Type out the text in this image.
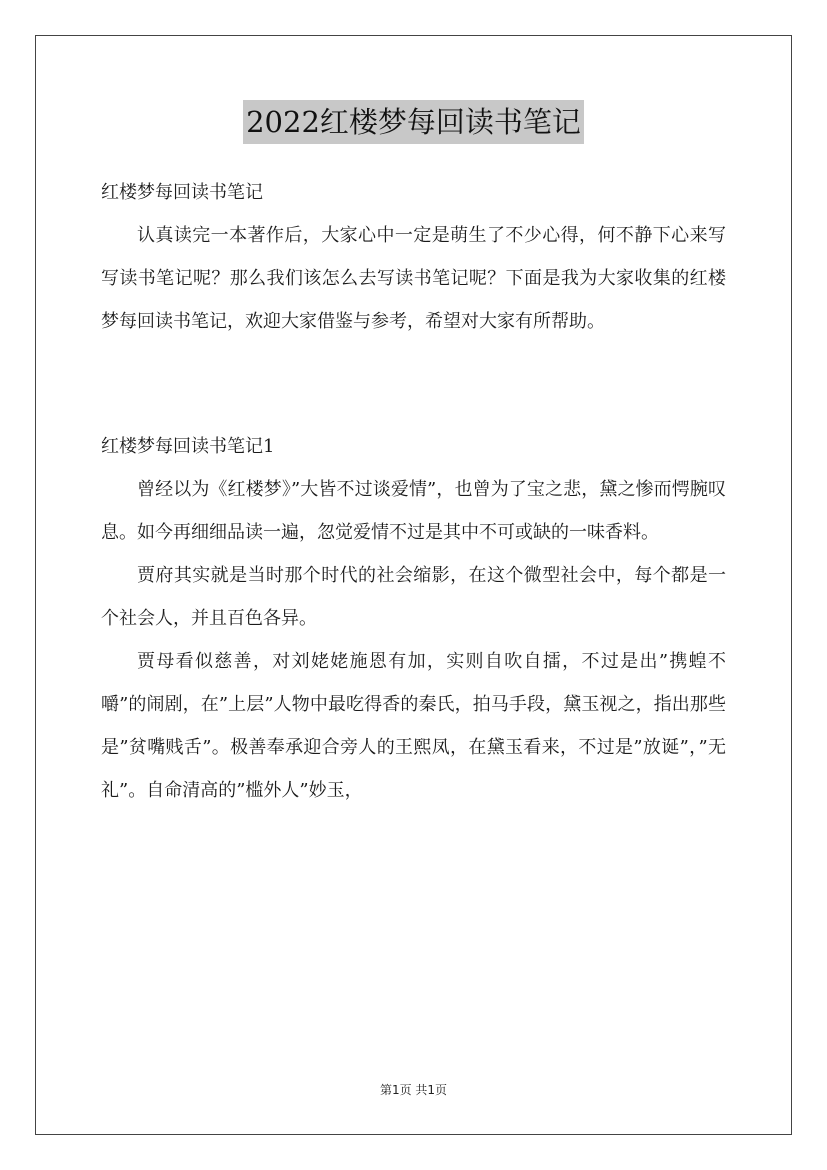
2022红楼梦每回读书笔记

红楼梦每回读书笔记

认真读完一本著作后，大家心中一定是萌生了不少心得，何不静下心来写写读书笔记呢？那么我们该怎么去写读书笔记呢？下面是我为大家收集的红楼梦每回读书笔记，欢迎大家借鉴与参考，希望对大家有所帮助。

红楼梦每回读书笔记1

曾经以为《红楼梦》”大皆不过谈爱情”，也曾为了宝之悲，黛之惨而愕腕叹息。如今再细细品读一遍，忽觉爱情不过是其中不可或缺的一味香料。

贾府其实就是当时那个时代的社会缩影，在这个微型社会中，每个都是一个社会人，并且百色各异。

贾母看似慈善，对刘姥姥施恩有加，实则自吹自擂，不过是出”携蝗不嚼”的闹剧，在”上层”人物中最吃得香的秦氏，拍马手段，黛玉视之，指出那些是”贫嘴贱舌”。极善奉承迎合旁人的王熙凤，在黛玉看来，不过是”放诞”，”无礼”。自命清高的”槛外人”妙玉，

第1页 共1页
